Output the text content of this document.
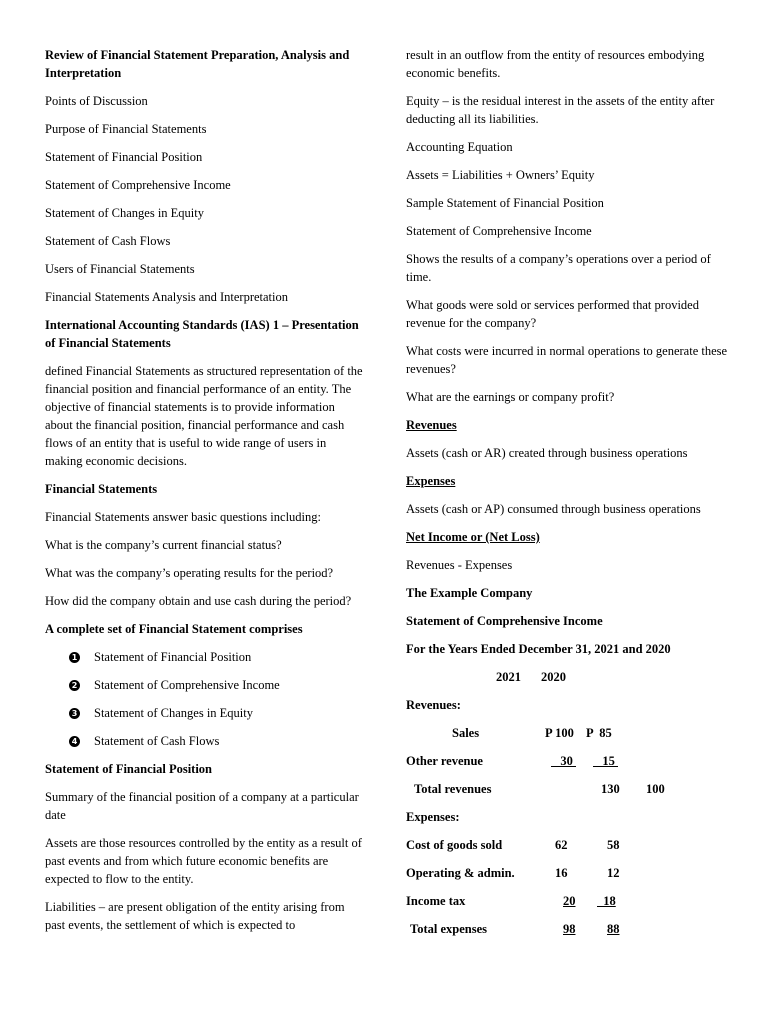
Review of Financial Statement Preparation, Analysis and Interpretation

Points of Discussion

Purpose of Financial Statements

Statement of Financial Position

Statement of Comprehensive Income

Statement of Changes in Equity

Statement of Cash Flows

Users of Financial Statements

Financial Statements Analysis and Interpretation

International Accounting Standards (IAS) 1 – Presentation of Financial Statements

defined Financial Statements as structured representation of the financial position and financial performance of an entity. The objective of financial statements is to provide information about the financial position, financial performance and cash flows of an entity that is useful to wide range of users in making economic decisions.

Financial Statements

Financial Statements answer basic questions including:

What is the company’s current financial status?

What was the company’s operating results for the period?

How did the company obtain and use cash during the period?

A complete set of Financial Statement comprises

1 Statement of Financial Position
2 Statement of Comprehensive Income
3 Statement of Changes in Equity
4 Statement of Cash Flows

Statement of Financial Position

Summary of the financial position of a company at a particular date

Assets are those resources controlled by the entity as a result of past events and from which future economic benefits are expected to flow to the entity.

Liabilities – are present obligation of the entity arising from past events, the settlement of which is expected to

result in an outflow from the entity of resources embodying economic benefits.

Equity – is the residual interest in the assets of the entity after deducting all its liabilities.

Accounting Equation

Assets = Liabilities + Owners’ Equity

Sample Statement of Financial Position

Statement of Comprehensive Income

Shows the results of a company’s operations over a period of time.

What goods were sold or services performed that provided revenue for the company?

What costs were incurred in normal operations to generate these revenues?

What are the earnings or company profit?

Revenues

Assets (cash or AR) created through business operations

Expenses

Assets (cash or AP) consumed through business operations

Net Income or (Net Loss)

Revenues - Expenses

The Example Company

Statement of Comprehensive Income

For the Years Ended December 31, 2021 and 2020

2021 2020
Revenues:
Sales	P 100 P  85
Other revenue	30 15
Total revenues	130 100
Expenses:
Cost of goods sold	62	58
Operating & admin.	16	12
Income tax	20 18
Total expenses	98	88
